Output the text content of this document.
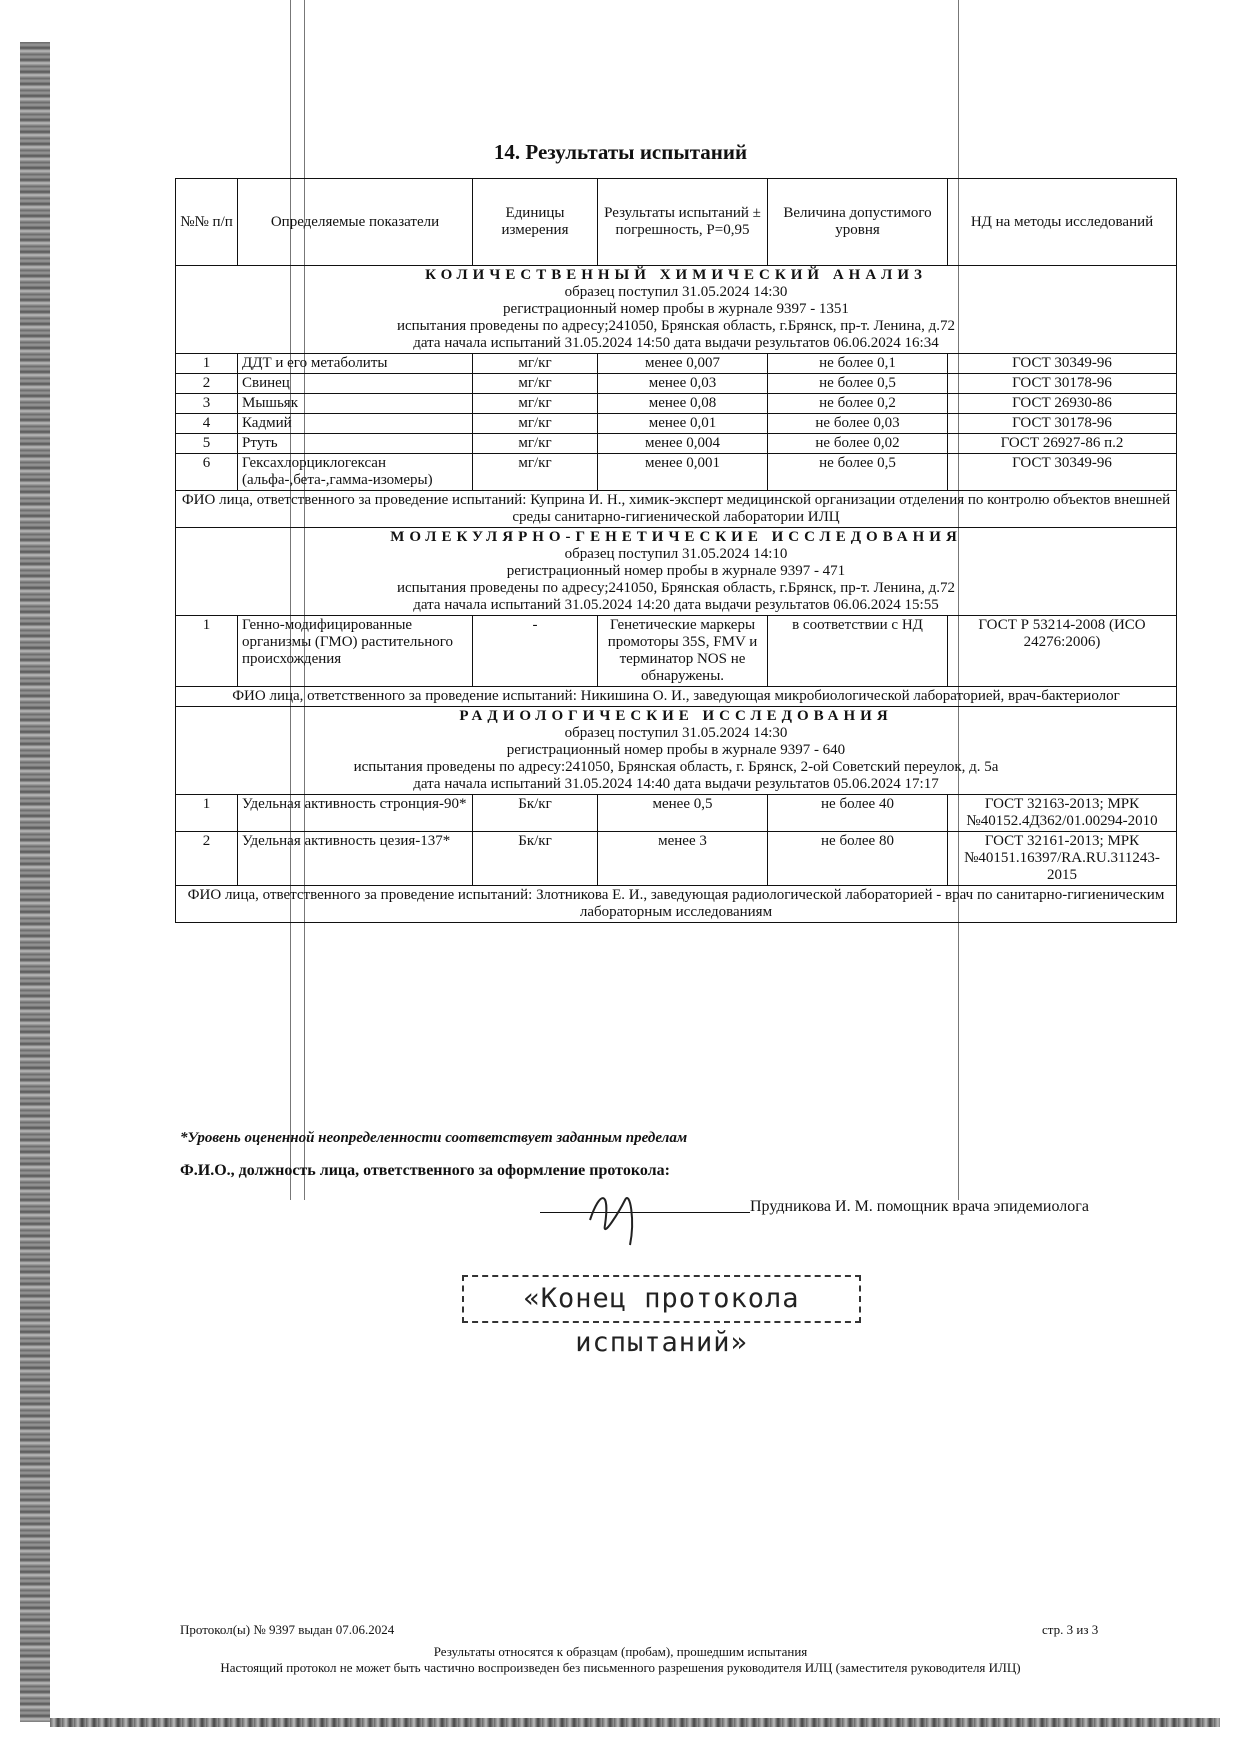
14. Результаты испытаний
№№ п/п	Определяемые показатели	Единицы измерения	Результаты испытаний ± погрешность, Р=0,95	Величина допустимого уровня	НД на методы исследований

КОЛИЧЕСТВЕННЫЙ ХИМИЧЕСКИЙ АНАЛИЗ
образец поступил 31.05.2024 14:30
регистрационный номер пробы в журнале 9397 - 1351
испытания проведены по адресу;241050, Брянская область, г.Брянск, пр-т. Ленина, д.72
дата начала испытаний 31.05.2024 14:50 дата выдачи результатов 06.06.2024 16:34					

1	ДДТ и его метаболиты	мг/кг	менее 0,007	не более 0,1	ГОСТ 30349-96
2	Свинец	мг/кг	менее 0,03	не более 0,5	ГОСТ 30178-96
3	Мышьяк	мг/кг	менее 0,08	не более 0,2	ГОСТ 26930-86
4	Кадмий	мг/кг	менее 0,01	не более 0,03	ГОСТ 30178-96
5	Ртуть	мг/кг	менее 0,004	не более 0,02	ГОСТ 26927-86 п.2
6	Гексахлорциклогексан (альфа-,бета-,гамма-изомеры)	мг/кг	менее 0,001	не более 0,5	ГОСТ 30349-96
ФИО лица, ответственного за проведение испытаний: Куприна И. Н., химик-эксперт медицинской организации отделения по контролю объектов внешней среды санитарно-гигиенической лаборатории ИЛЦ					

МОЛЕКУЛЯРНО-ГЕНЕТИЧЕСКИЕ ИССЛЕДОВАНИЯ
образец поступил 31.05.2024 14:10
регистрационный номер пробы в журнале 9397 - 471
испытания проведены по адресу;241050, Брянская область, г.Брянск, пр-т. Ленина, д.72
дата начала испытаний 31.05.2024 14:20 дата выдачи результатов 06.06.2024 15:55					

1	Генно-модифицированные организмы (ГМО) растительного происхождения	-	Генетические маркеры промоторы 35S, FMV и терминатор NOS не обнаружены.	в соответствии с НД	ГОСТ Р 53214-2008 (ИСО 24276:2006)
ФИО лица, ответственного за проведение испытаний: Никишина О. И., заведующая микробиологической лабораторией, врач-бактериолог					

РАДИОЛОГИЧЕСКИЕ ИССЛЕДОВАНИЯ
образец поступил 31.05.2024 14:30
регистрационный номер пробы в журнале 9397 - 640
испытания проведены по адресу:241050, Брянская область, г. Брянск, 2-ой Советский переулок, д. 5а
дата начала испытаний 31.05.2024 14:40 дата выдачи результатов 05.06.2024 17:17					

1	Удельная активность стронция-90*	Бк/кг	менее 0,5	не более 40	ГОСТ 32163-2013; МРК №40152.4Д362/01.00294-2010
2	Удельная активность цезия-137*	Бк/кг	менее 3	не более 80	ГОСТ 32161-2013; МРК №40151.16397/RA.RU.311243-2015
ФИО лица, ответственного за проведение испытаний: Злотникова Е. И., заведующая радиологической лабораторией - врач по санитарно-гигиеническим лабораторным исследованиям					
*Уровень оцененной неопределенности соответствует заданным пределам
Ф.И.О., должность лица, ответственного за оформление протокола:
Прудникова И. М. помощник врача эпидемиолога
«Конец протокола испытаний»
Протокол(ы) № 9397 выдан 07.06.2024	стр. 3 из 3
Результаты относятся к образцам (пробам), прошедшим испытания
Настоящий протокол не может быть частично воспроизведен без письменного разрешения руководителя ИЛЦ (заместителя руководителя ИЛЦ)
